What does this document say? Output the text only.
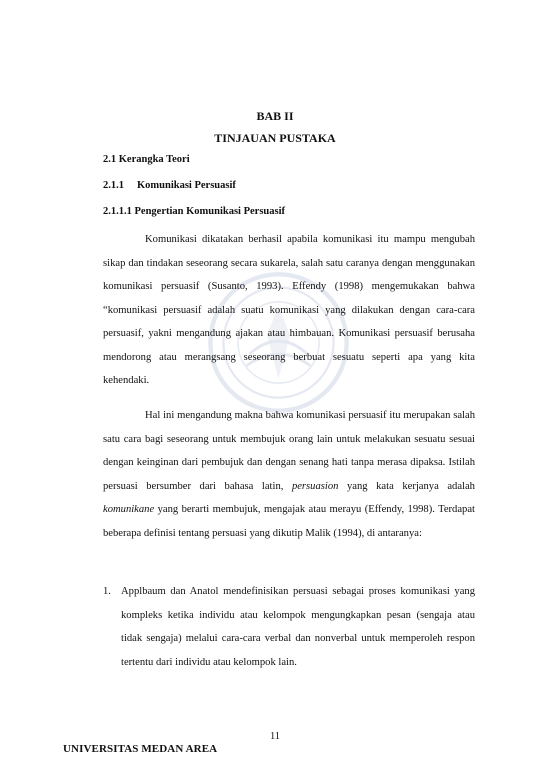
BAB II
TINJAUAN PUSTAKA

2.1 Kerangka Teori

2.1.1 Komunikasi Persuasif

2.1.1.1 Pengertian Komunikasi Persuasif

Komunikasi dikatakan berhasil apabila komunikasi itu mampu mengubah sikap dan tindakan seseorang secara sukarela, salah satu caranya dengan menggunakan komunikasi persuasif (Susanto, 1993). Effendy (1998) mengemukakan bahwa “komunikasi persuasif adalah suatu komunikasi yang dilakukan dengan cara-cara persuasif, yakni mengandung ajakan atau himbauan. Komunikasi persuasif berusaha mendorong atau merangsang seseorang berbuat sesuatu seperti apa yang kita kehendaki.

Hal ini mengandung makna bahwa komunikasi persuasif itu merupakan salah satu cara bagi seseorang untuk membujuk orang lain untuk melakukan sesuatu sesuai dengan keinginan dari pembujuk dan dengan senang hati tanpa merasa dipaksa. Istilah persuasi bersumber dari bahasa latin, persuasion yang kata kerjanya adalah komunikane yang berarti membujuk, mengajak atau merayu (Effendy, 1998). Terdapat beberapa definisi tentang persuasi yang dikutip Malik (1994), di antaranya:

1. Applbaum dan Anatol mendefinisikan persuasi sebagai proses komunikasi yang kompleks ketika individu atau kelompok mengungkapkan pesan (sengaja atau tidak sengaja) melalui cara-cara verbal dan nonverbal untuk memperoleh respon tertentu dari individu atau kelompok lain.

11

UNIVERSITAS MEDAN AREA
